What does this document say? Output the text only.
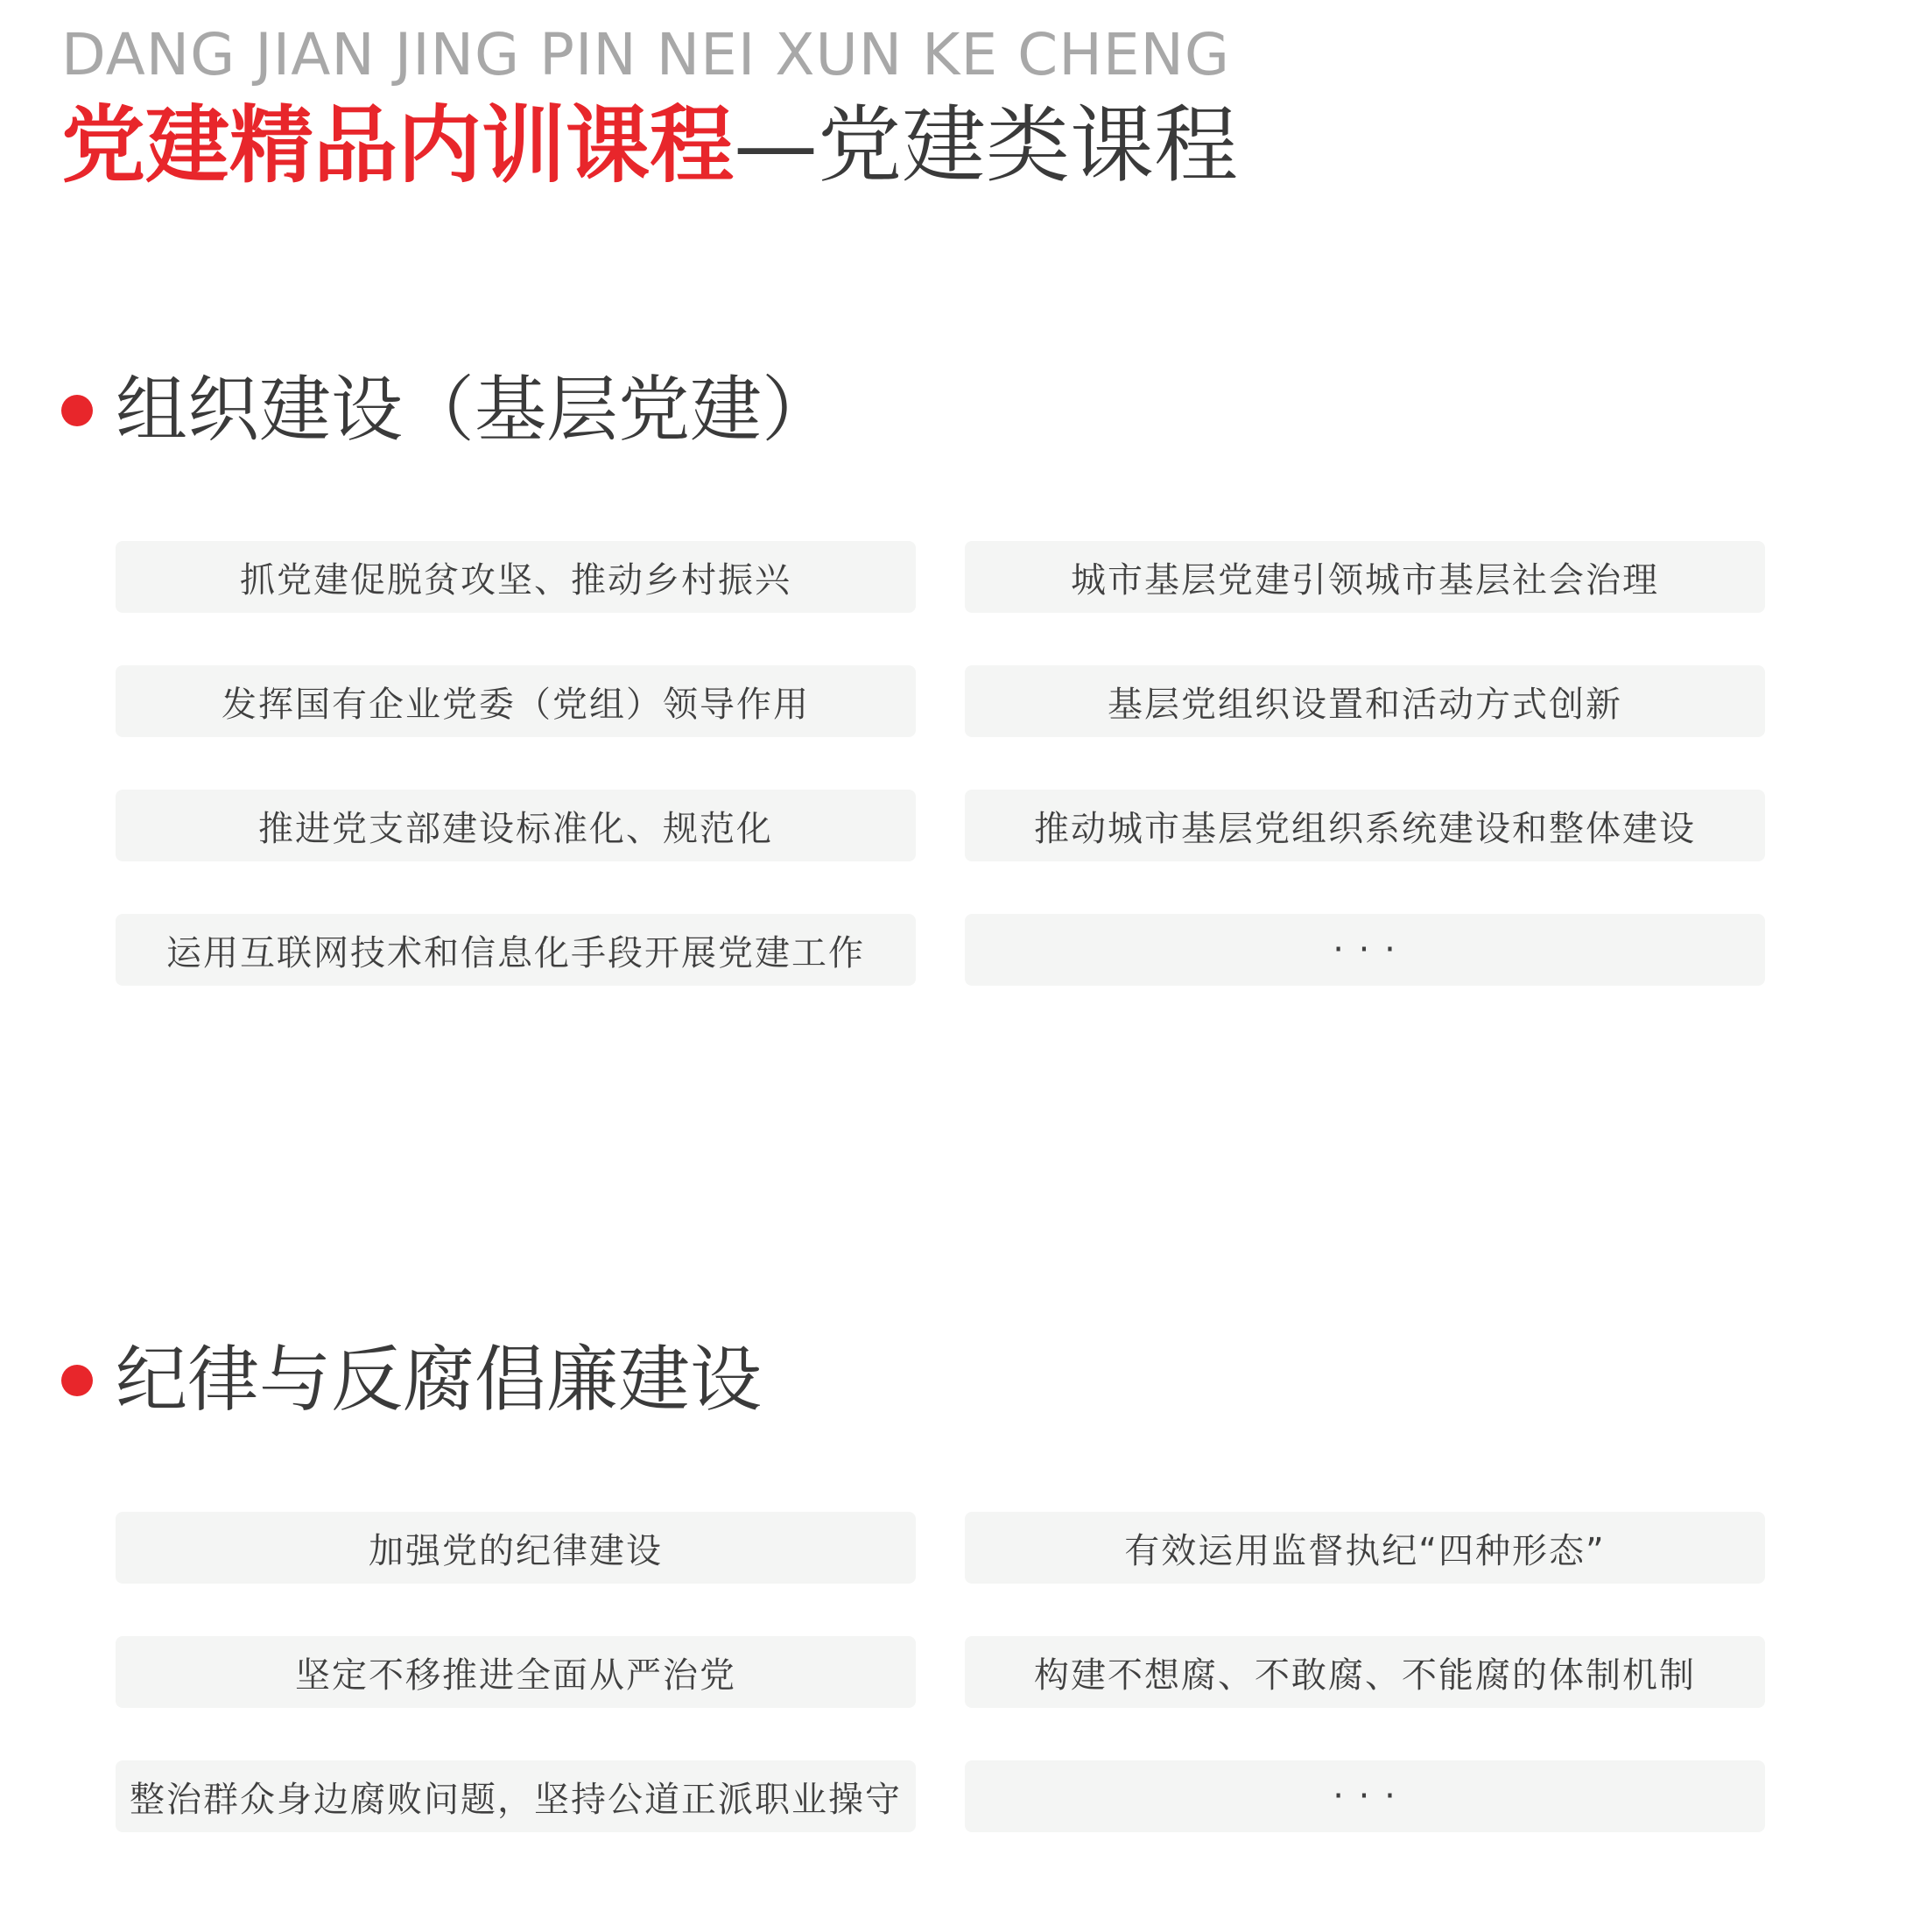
DANG JIAN JING PIN NEI XUN KE CHENG
党建精品内训课程—党建类课程
组织建设（基层党建）
抓党建促脱贫攻坚、推动乡村振兴	城市基层党建引领城市基层社会治理
发挥国有企业党委（党组）领导作用	基层党组织设置和活动方式创新
推进党支部建设标准化、规范化	推动城市基层党组织系统建设和整体建设
运用互联网技术和信息化手段开展党建工作	· · ·
纪律与反腐倡廉建设
加强党的纪律建设	有效运用监督执纪“四种形态”
坚定不移推进全面从严治党	构建不想腐、不敢腐、不能腐的体制机制
整治群众身边腐败问题，坚持公道正派职业操守	· · ·
